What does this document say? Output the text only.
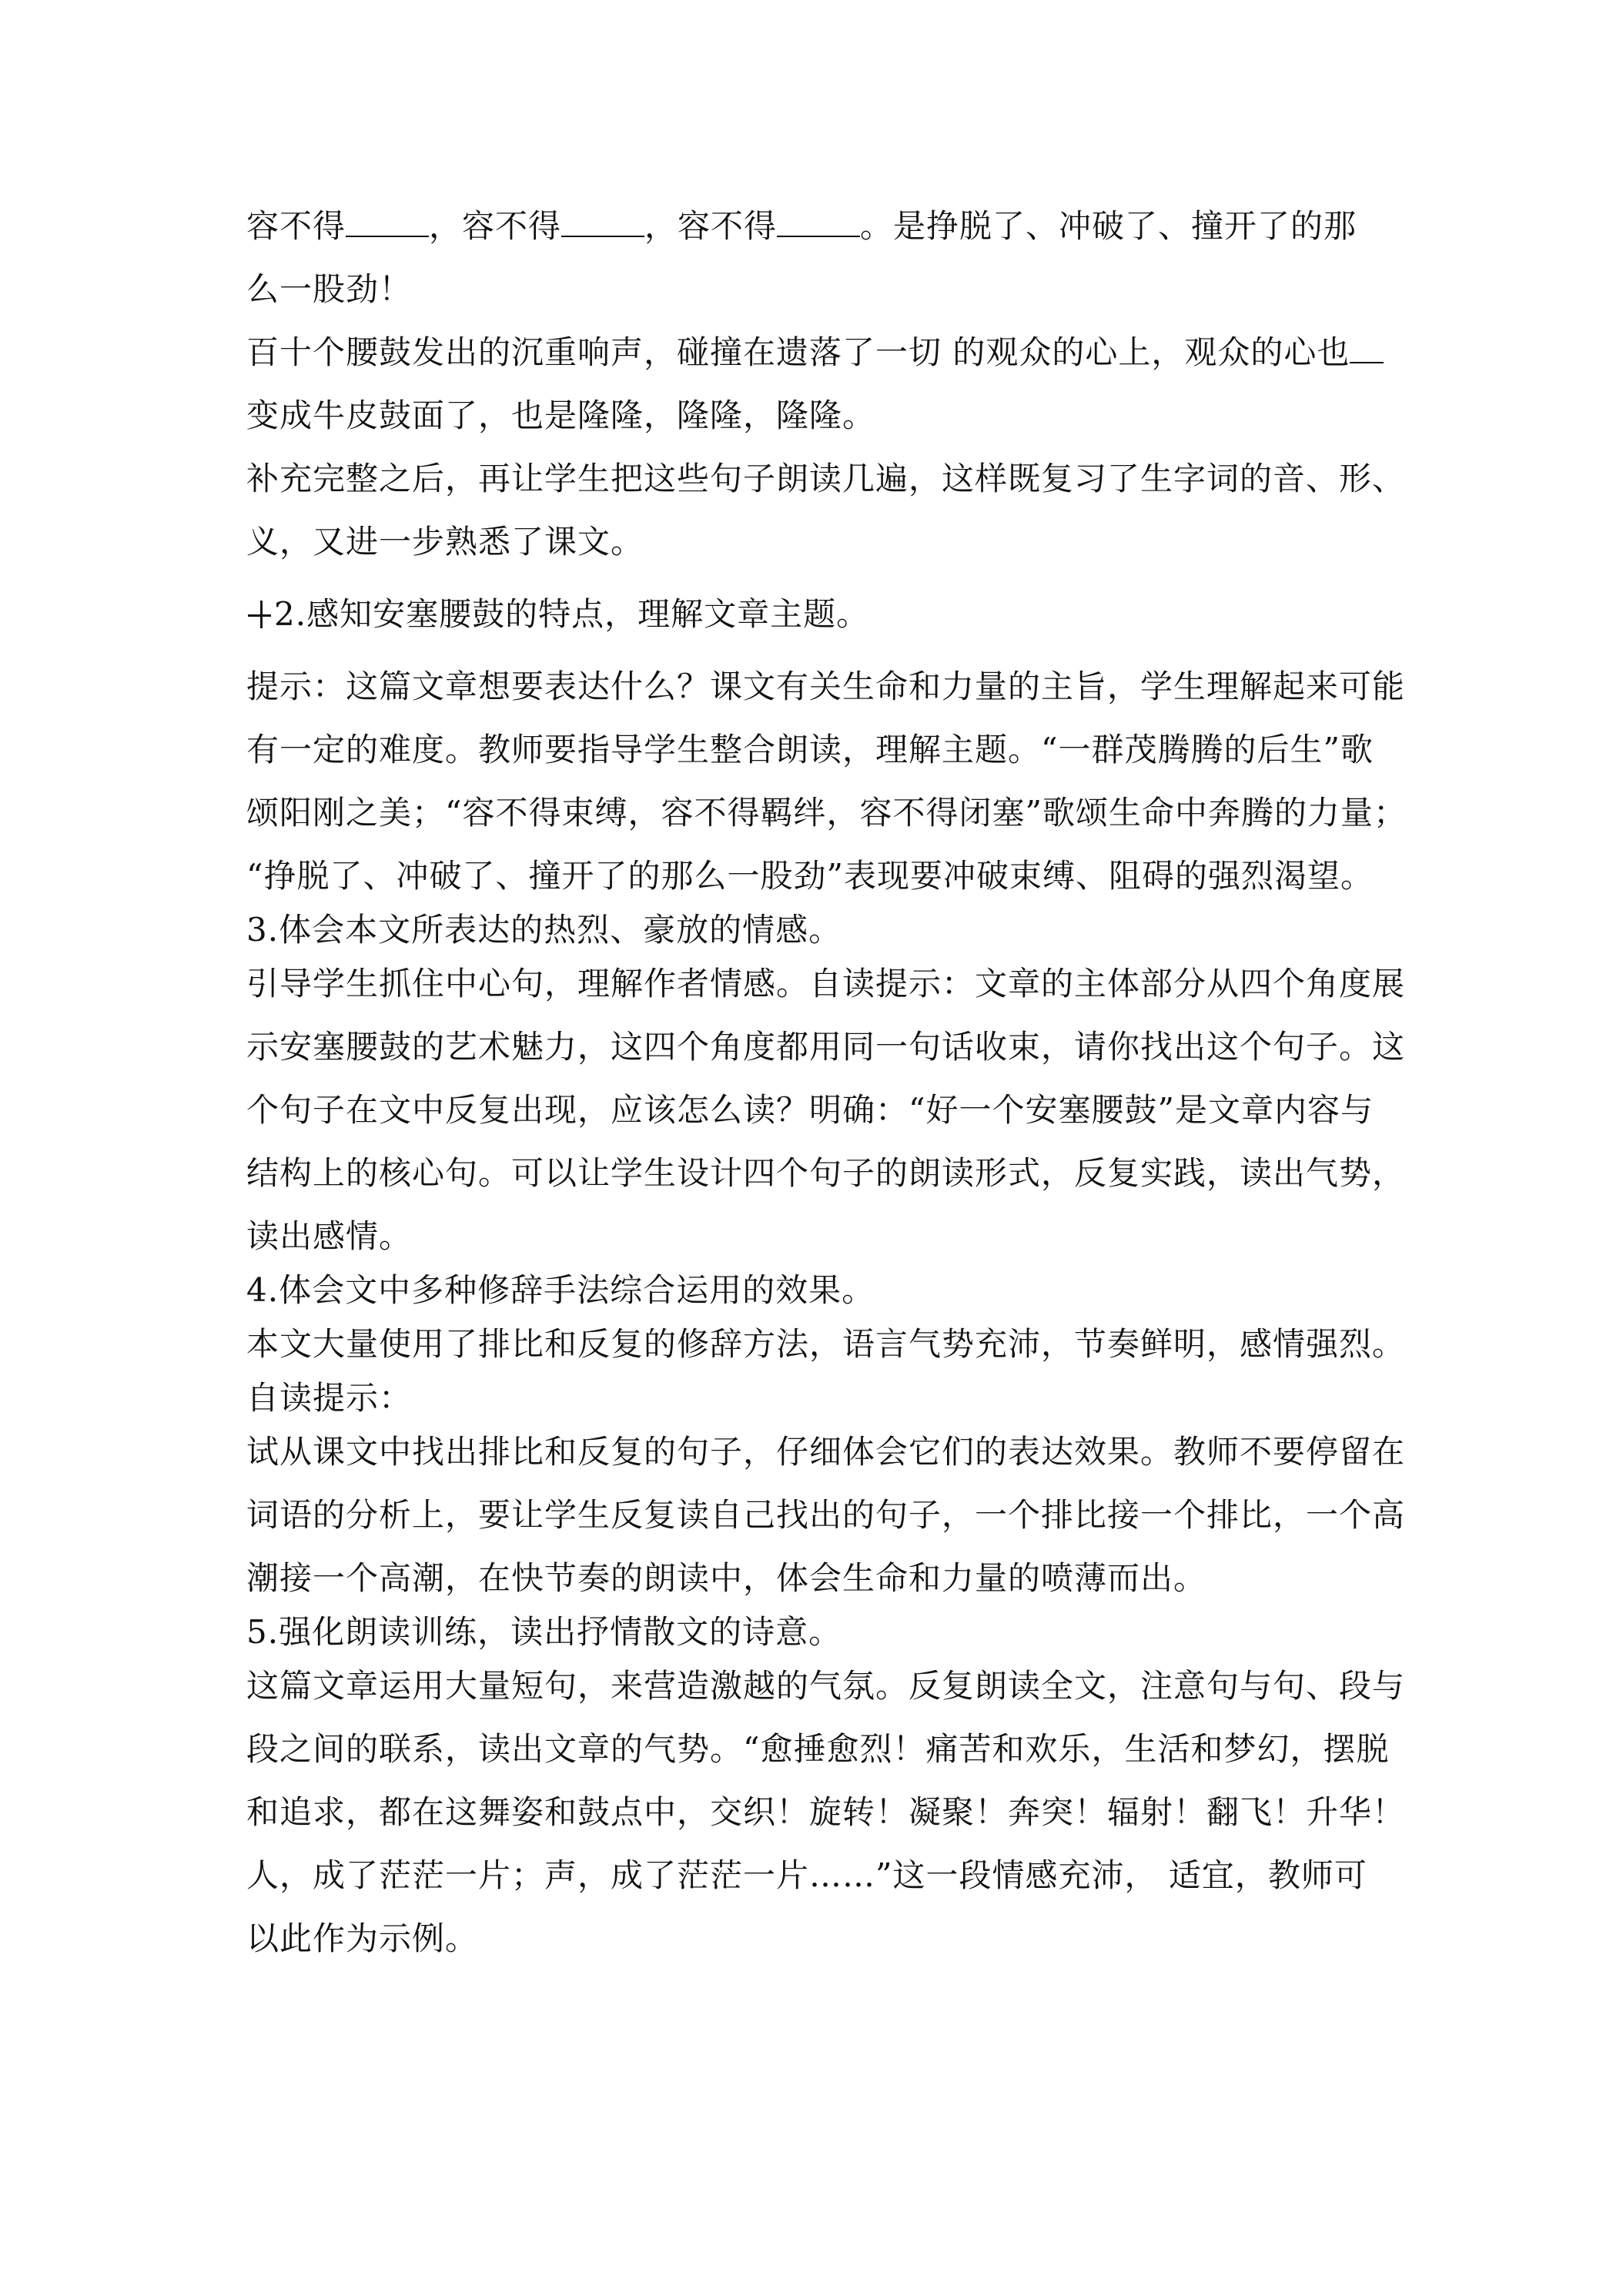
容不得	，容不得	，容不得	。是挣脱了、冲破了、撞开了的那
么一股劲！
百十个腰鼓发出的沉重响声，碰撞在遗落了一切 的观众的心上，观众的心也
变成牛皮鼓面了，也是隆隆，隆隆，隆隆。
补充完整之后，再让学生把这些句子朗读几遍，这样既复习了生字词的音、形、
义，又进一步熟悉了课文。
2.感知安塞腰鼓的特点，理解文章主题。
提示：这篇文章想要表达什么？课文有关生命和力量的主旨，学生理解起来可能
有一定的难度。教师要指导学生整合朗读，理解主题。“一群茂腾腾的后生”歌
颂阳刚之美；“容不得束缚，容不得羁绊，容不得闭塞”歌颂生命中奔腾的力量；
“挣脱了、冲破了、撞开了的那么一股劲”表现要冲破束缚、阻碍的强烈渴望。
3.体会本文所表达的热烈、豪放的情感。
引导学生抓住中心句，理解作者情感。自读提示：文章的主体部分从四个角度展
示安塞腰鼓的艺术魅力，这四个角度都用同一句话收束，请你找出这个句子。这
个句子在文中反复出现，应该怎么读？明确：“好一个安塞腰鼓”是文章内容与
结构上的核心句。可以让学生设计四个句子的朗读形式，反复实践，读出气势，
读出感情。
4.体会文中多种修辞手法综合运用的效果。
本文大量使用了排比和反复的修辞方法，语言气势充沛，节奏鲜明，感情强烈。
自读提示：
试从课文中找出排比和反复的句子，仔细体会它们的表达效果。教师不要停留在
词语的分析上，要让学生反复读自己找出的句子，一个排比接一个排比，一个高
潮接一个高潮，在快节奏的朗读中，体会生命和力量的喷薄而出。
5.强化朗读训练，读出抒情散文的诗意。
这篇文章运用大量短句，来营造激越的气氛。反复朗读全文，注意句与句、段与
段之间的联系，读出文章的气势。“愈捶愈烈！痛苦和欢乐，生活和梦幻，摆脱
和追求，都在这舞姿和鼓点中，交织！旋转！凝聚！奔突！辐射！翻飞！升华！
人，成了茫茫一片；声，成了茫茫一片……”这一段情感充沛， 适宜，教师可
以此作为示例。
